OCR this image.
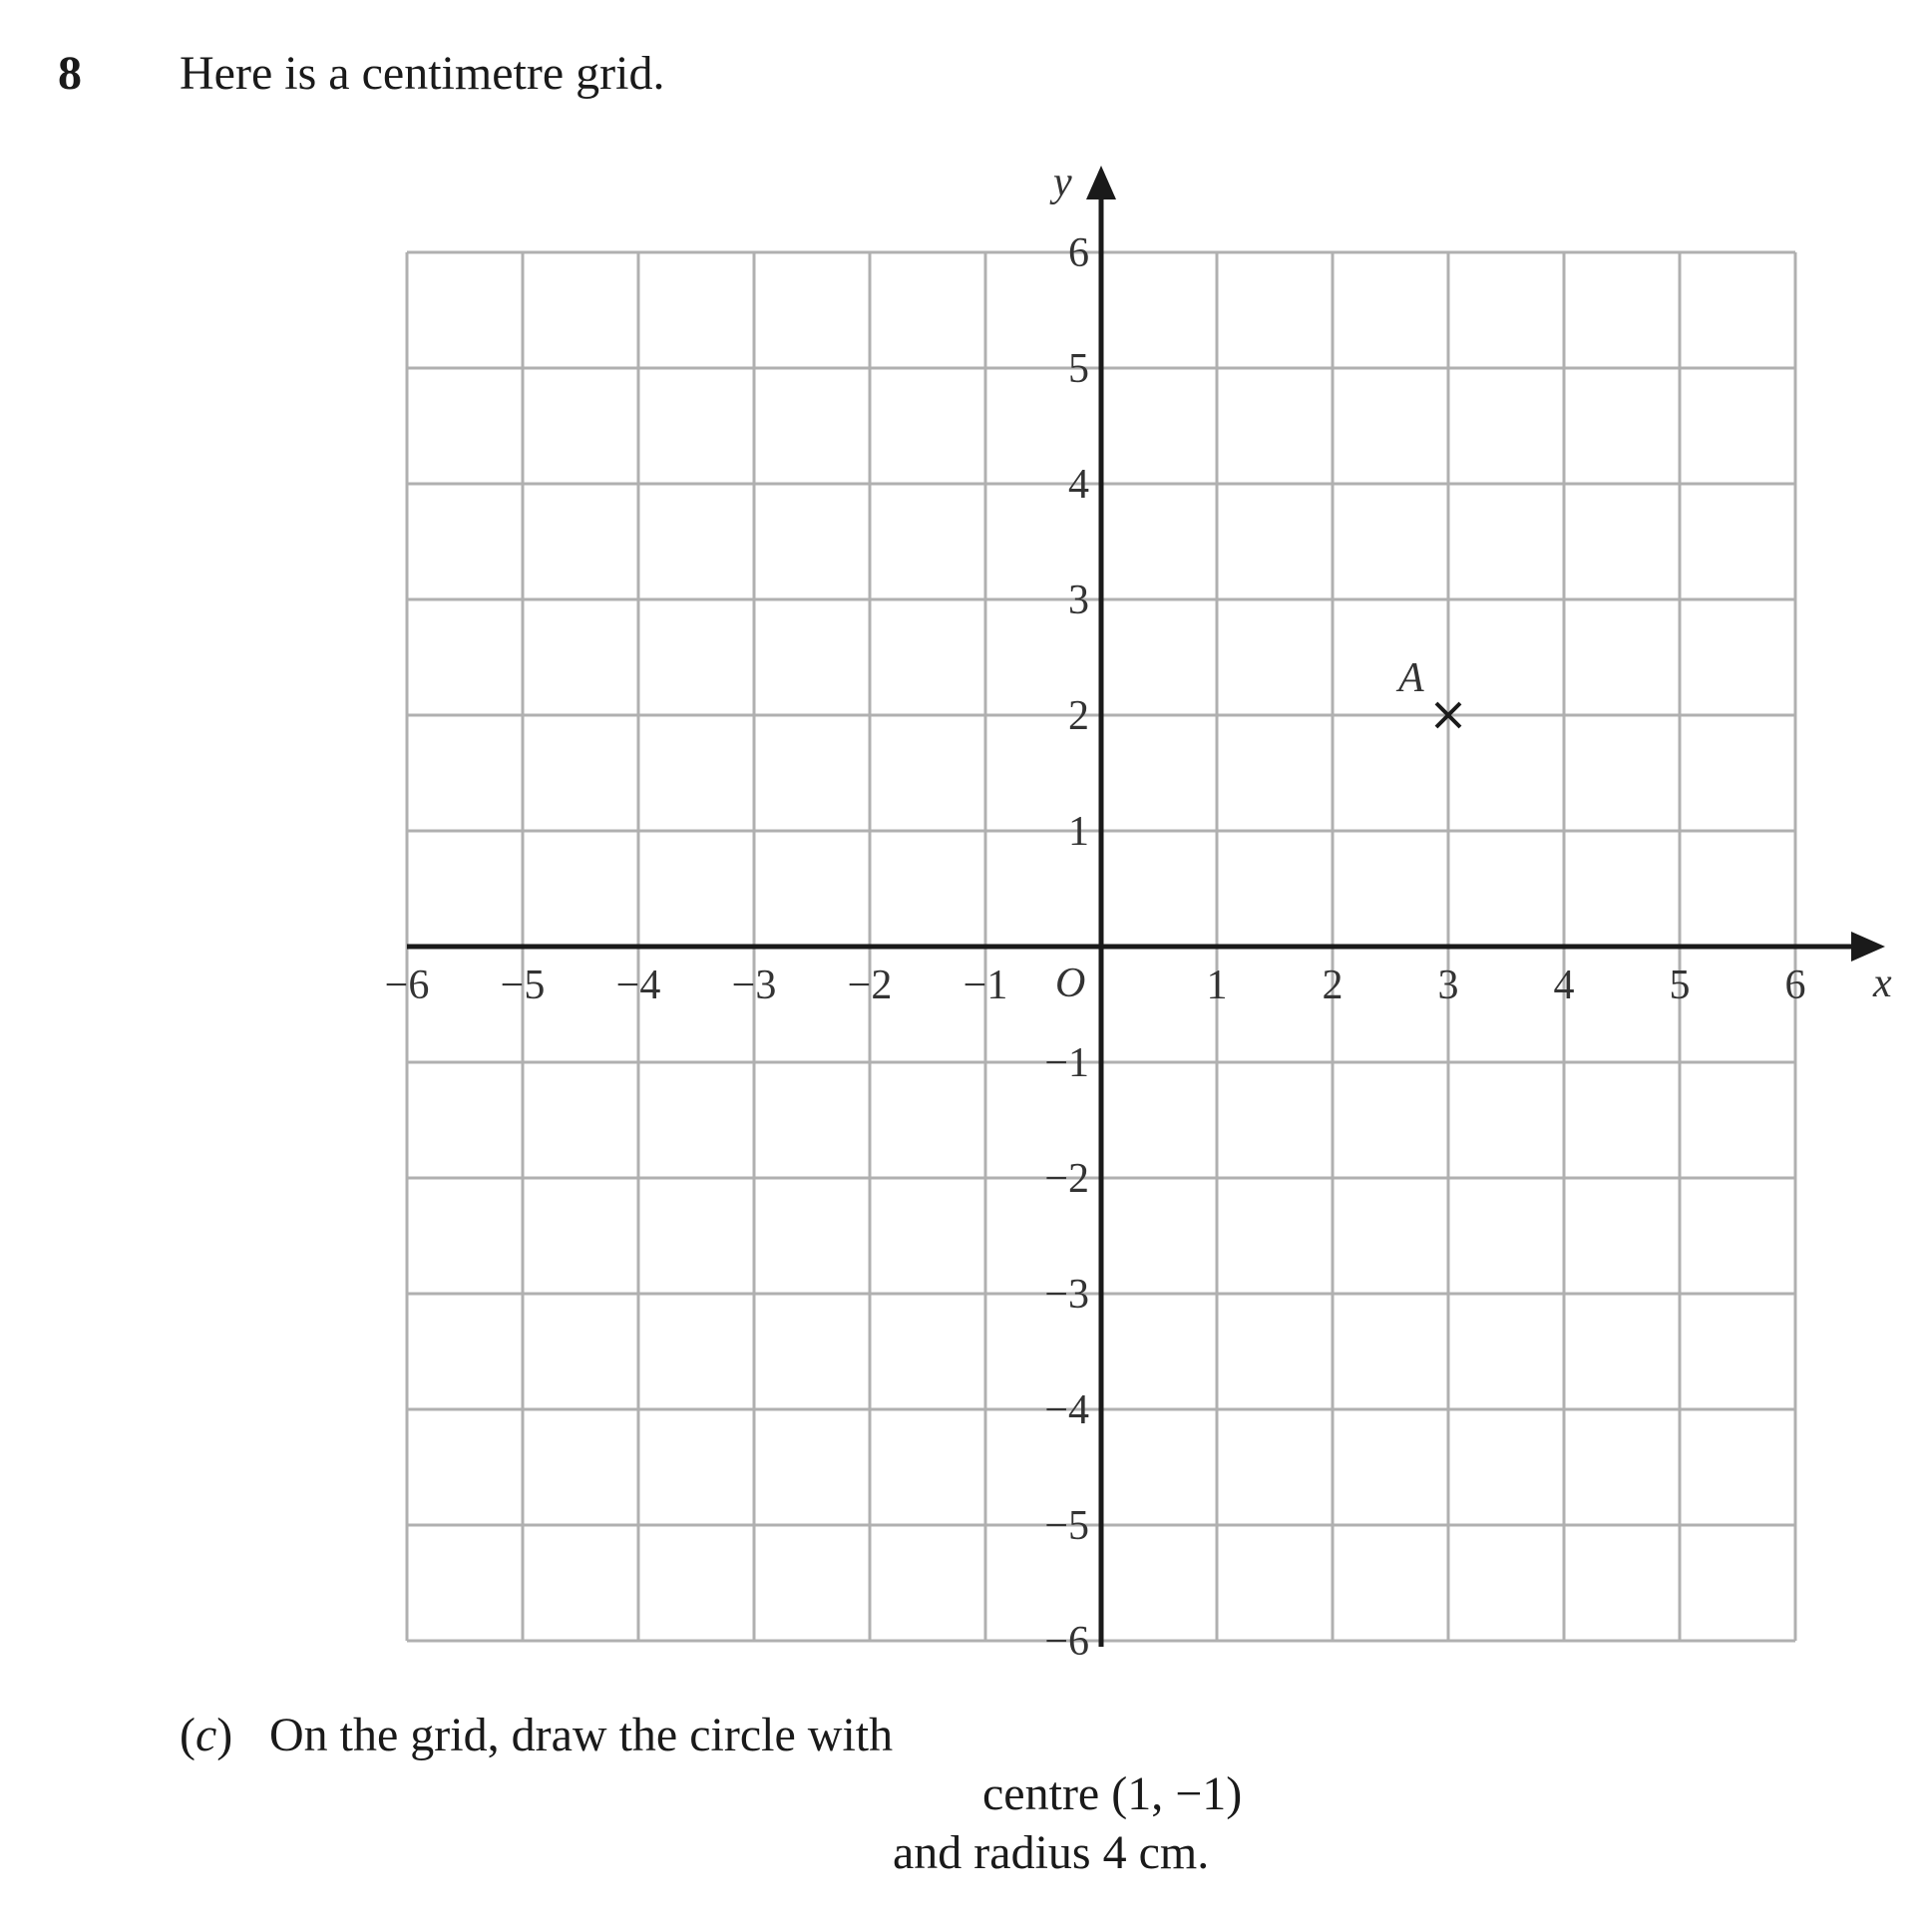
8 Here is a centimetre grid.
x
y
O
−6 −5 −4 −3 −2 −1	1 2 3 4 5 6
6
5
4
3
2
1
−1
−2
−3
−4
−5
−6
A
(c) On the grid, draw the circle with
centre (1, −1)
and radius 4 cm.
